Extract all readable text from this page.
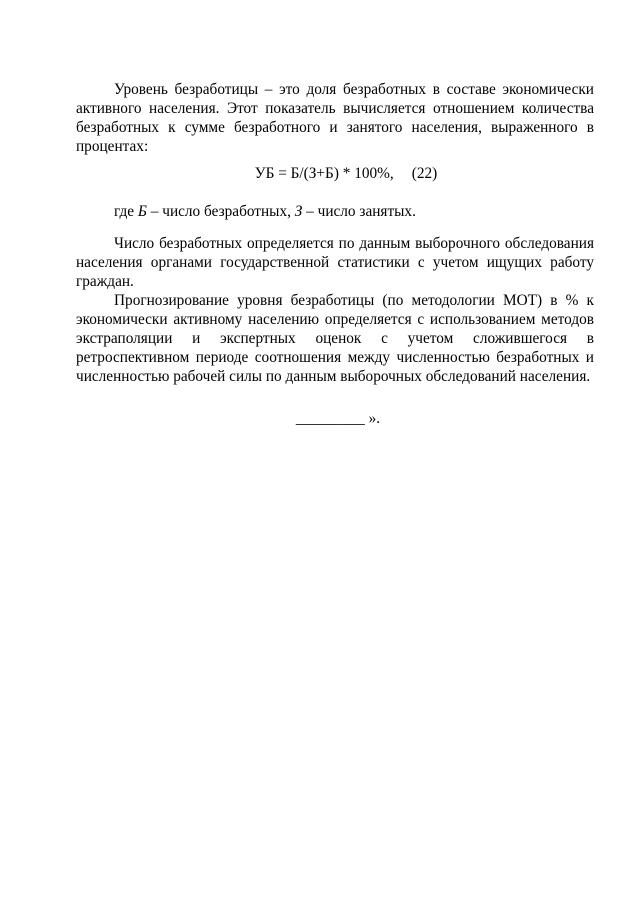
Уровень безработицы – это доля безработных в составе экономически активного населения. Этот показатель вычисляется отношением количества безработных к сумме безработного и занятого населения, выраженного в процентах:

УБ = Б/(З+Б) * 100%, (22)

где Б – число безработных, З – число занятых.

Число безработных определяется по данным выборочного обследования населения органами государственной статистики с учетом ищущих работу граждан.

Прогнозирование уровня безработицы (по методологии МОТ) в % к экономически активному населению определяется с использованием методов экстраполяции и экспертных оценок с учетом сложившегося в ретроспективном периоде соотношения между численностью безработных и численностью рабочей силы по данным выборочных обследований населения.

_________ ».
